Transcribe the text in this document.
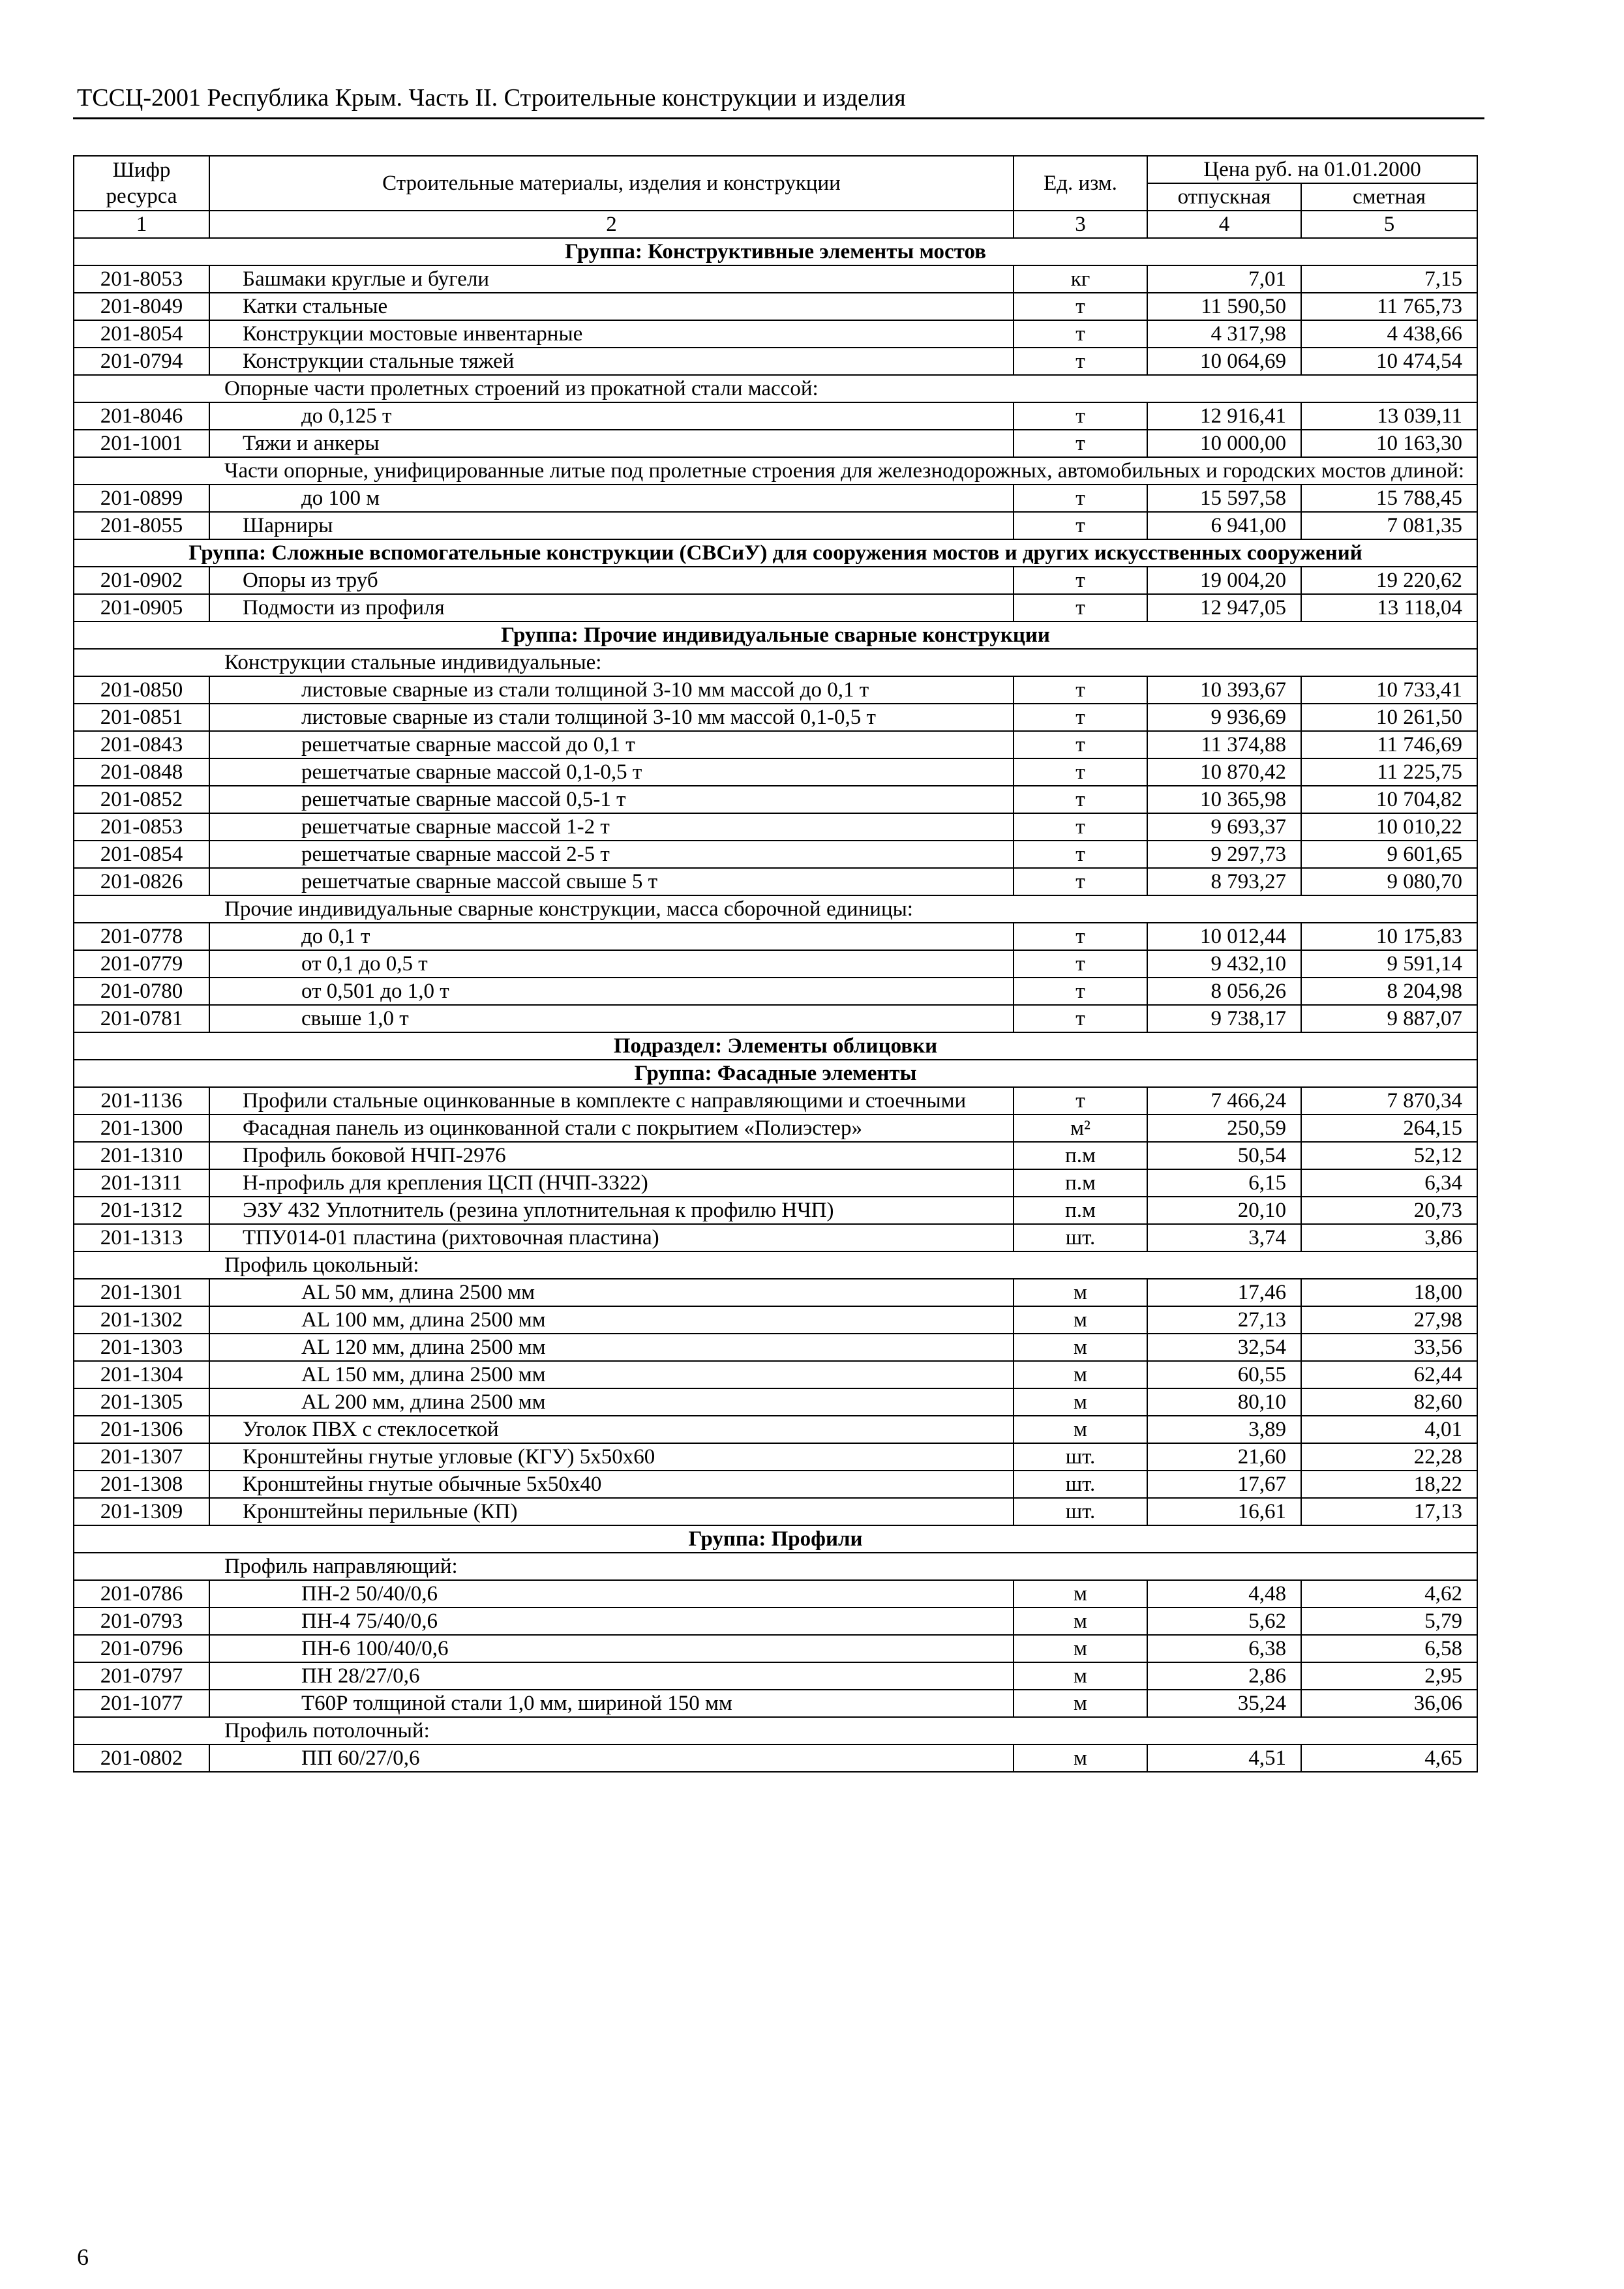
ТССЦ-2001 Республика Крым. Часть II. Строительные конструкции и изделия
Шифр ресурса	Строительные материалы, изделия и конструкции	Ед. изм.	Цена руб. на 01.01.2000	
			отпускная	сметная
1	2	3	4	5
Группа: Конструктивные элементы мостов				
201-8053	Башмаки круглые и бугели	кг	7,01	7,15
201-8049	Катки стальные	т	11 590,50	11 765,73
201-8054	Конструкции мостовые инвентарные	т	4 317,98	4 438,66
201-0794	Конструкции стальные тяжей	т	10 064,69	10 474,54
Опорные части пролетных строений из прокатной стали массой:				
201-8046	до 0,125 т	т	12 916,41	13 039,11
201-1001	Тяжи и анкеры	т	10 000,00	10 163,30
Части опорные, унифицированные литые под пролетные строения для железнодорожных, автомобильных и городских мостов длиной:				
201-0899	до 100 м	т	15 597,58	15 788,45
201-8055	Шарниры	т	6 941,00	7 081,35
Группа: Сложные вспомогательные конструкции (СВСиУ) для сооружения мостов и других искусственных сооружений				
201-0902	Опоры из труб	т	19 004,20	19 220,62
201-0905	Подмости из профиля	т	12 947,05	13 118,04
Группа: Прочие индивидуальные сварные конструкции				
Конструкции стальные индивидуальные:				
201-0850	листовые сварные из стали толщиной 3-10 мм массой до 0,1 т	т	10 393,67	10 733,41
201-0851	листовые сварные из стали толщиной 3-10 мм массой 0,1-0,5 т	т	9 936,69	10 261,50
201-0843	решетчатые сварные массой до 0,1 т	т	11 374,88	11 746,69
201-0848	решетчатые сварные массой 0,1-0,5 т	т	10 870,42	11 225,75
201-0852	решетчатые сварные массой 0,5-1 т	т	10 365,98	10 704,82
201-0853	решетчатые сварные массой 1-2 т	т	9 693,37	10 010,22
201-0854	решетчатые сварные массой 2-5 т	т	9 297,73	9 601,65
201-0826	решетчатые сварные массой свыше 5 т	т	8 793,27	9 080,70
Прочие индивидуальные сварные конструкции, масса сборочной единицы:				
201-0778	до 0,1 т	т	10 012,44	10 175,83
201-0779	от 0,1 до 0,5 т	т	9 432,10	9 591,14
201-0780	от 0,501 до 1,0 т	т	8 056,26	8 204,98
201-0781	свыше 1,0 т	т	9 738,17	9 887,07
Подраздел: Элементы облицовки				
Группа: Фасадные элементы				
201-1136	Профили стальные оцинкованные в комплекте с направляющими и стоечными	т	7 466,24	7 870,34
201-1300	Фасадная панель из оцинкованной стали с покрытием «Полиэстер»	м²	250,59	264,15
201-1310	Профиль боковой НЧП-2976	п.м	50,54	52,12
201-1311	Н-профиль для крепления ЦСП (НЧП-3322)	п.м	6,15	6,34
201-1312	ЭЗУ 432 Уплотнитель (резина уплотнительная к профилю НЧП)	п.м	20,10	20,73
201-1313	ТПУ014-01 пластина (рихтовочная пластина)	шт.	3,74	3,86
Профиль цокольный:				
201-1301	AL 50 мм, длина 2500 мм	м	17,46	18,00
201-1302	AL 100 мм, длина 2500 мм	м	27,13	27,98
201-1303	AL 120 мм, длина 2500 мм	м	32,54	33,56
201-1304	AL 150 мм, длина 2500 мм	м	60,55	62,44
201-1305	AL 200 мм, длина 2500 мм	м	80,10	82,60
201-1306	Уголок ПВХ с стеклосеткой	м	3,89	4,01
201-1307	Кронштейны гнутые угловые (КГУ) 5х50х60	шт.	21,60	22,28
201-1308	Кронштейны гнутые обычные 5х50х40	шт.	17,67	18,22
201-1309	Кронштейны перильные (КП)	шт.	16,61	17,13
Группа: Профили				
Профиль направляющий:				
201-0786	ПН-2 50/40/0,6	м	4,48	4,62
201-0793	ПН-4 75/40/0,6	м	5,62	5,79
201-0796	ПН-6 100/40/0,6	м	6,38	6,58
201-0797	ПН 28/27/0,6	м	2,86	2,95
201-1077	Т60Р толщиной стали 1,0 мм, шириной 150 мм	м	35,24	36,06
Профиль потолочный:				
201-0802	ПП 60/27/0,6	м	4,51	4,65
6
